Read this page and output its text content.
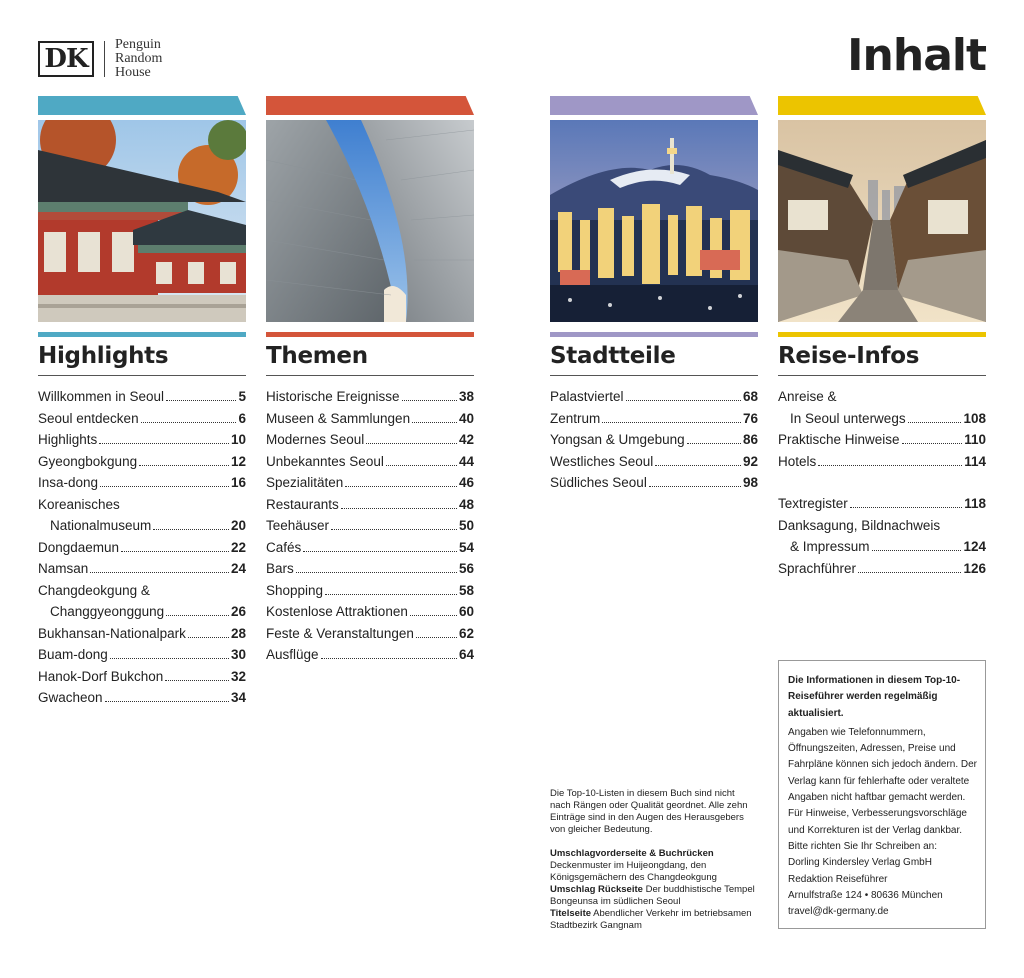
DK	Penguin
Random
House	Inhalt
Highlights
Willkommen in Seoul	5
Seoul entdecken	6
Highlights	10
Gyeongbokgung	12
Insa-dong	16
Koreanisches
Nationalmuseum	20
Dongdaemun	22
Namsan	24
Changdeokgung &
Changgyeonggung	26
Bukhansan-Nationalpark	28
Buam-dong	30
Hanok-Dorf Bukchon	32
Gwacheon	34
Themen
Historische Ereignisse	38
Museen & Sammlungen	40
Modernes Seoul	42
Unbekanntes Seoul	44
Spezialitäten	46
Restaurants	48
Teehäuser	50
Cafés	54
Bars	56
Shopping	58
Kostenlose Attraktionen	60
Feste & Veranstaltungen	62
Ausflüge	64
Stadtteile
Palastviertel	68
Zentrum	76
Yongsan & Umgebung	86
Westliches Seoul	92
Südliches Seoul	98
Reise-Infos
Anreise &
In Seoul unterwegs	108
Praktische Hinweise	110
Hotels	114
Textregister	118
Danksagung, Bildnachweis
& Impressum	124
Sprachführer	126
Die Top-10-Listen in diesem Buch sind nicht nach Rängen oder Qualität geordnet. Alle zehn Einträge sind in den Augen des Herausgebers von gleicher Bedeutung.
Umschlagvorderseite & Buchrücken
Deckenmuster im Huijeongdang, den Königsgemächern des Changdeokgung
Umschlag Rückseite Der buddhistische Tempel Bongeunsa im südlichen Seoul
Titelseite Abendlicher Verkehr im betriebsamen Stadtbezirk Gangnam
Die Informationen in diesem Top-10-Reiseführer werden regelmäßig aktualisiert.
Angaben wie Telefonnummern, Öffnungszeiten, Adressen, Preise und Fahrpläne können sich jedoch ändern. Der Verlag kann für fehlerhafte oder veraltete Angaben nicht haftbar gemacht werden. Für Hinweise, Verbesserungsvorschläge und Korrekturen ist der Verlag dankbar. Bitte richten Sie Ihr Schreiben an:
Dorling Kindersley Verlag GmbH
Redaktion Reiseführer
Arnulfstraße 124 • 80636 München
travel@dk-germany.de
